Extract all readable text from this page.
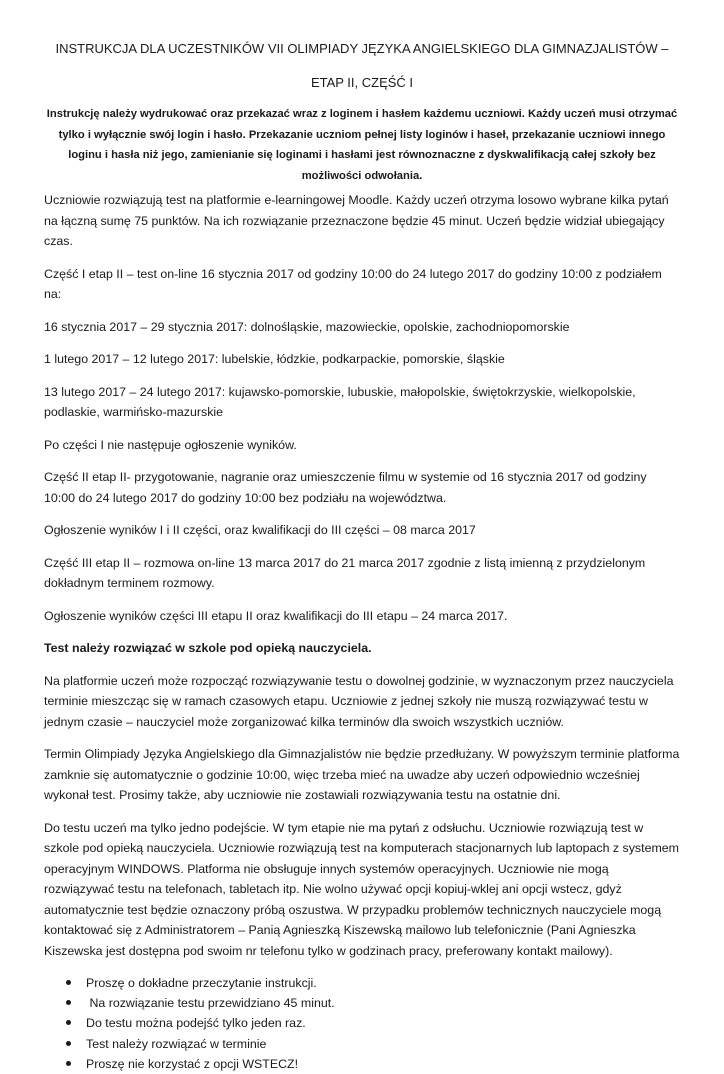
INSTRUKCJA DLA UCZESTNIKÓW VII OLIMPIADY JĘZYKA ANGIELSKIEGO DLA GIMNAZJALISTÓW –
ETAP II, CZĘŚĆ I

Instrukcję należy wydrukować oraz przekazać wraz z loginem i hasłem każdemu uczniowi. Każdy uczeń musi otrzymać tylko i wyłącznie swój login i hasło. Przekazanie uczniom pełnej listy loginów i haseł, przekazanie uczniowi innego loginu i hasła niż jego, zamienianie się loginami i hasłami jest równoznaczne z dyskwalifikacją całej szkoły bez możliwości odwołania.

Uczniowie rozwiązują test na platformie e-learningowej Moodle. Każdy uczeń otrzyma losowo wybrane kilka pytań na łączną sumę 75 punktów. Na ich rozwiązanie przeznaczone będzie 45 minut. Uczeń będzie widział ubiegający czas.

Część I etap II – test on-line 16 stycznia 2017 od godziny 10:00 do 24 lutego 2017 do godziny 10:00 z podziałem na:

16 stycznia 2017 – 29 stycznia 2017: dolnośląskie, mazowieckie, opolskie, zachodniopomorskie

1 lutego 2017 – 12 lutego 2017: lubelskie, łódzkie, podkarpackie, pomorskie, śląskie

13 lutego 2017 – 24 lutego 2017: kujawsko-pomorskie, lubuskie, małopolskie, świętokrzyskie, wielkopolskie, podlaskie, warmińsko-mazurskie

Po części I nie następuje ogłoszenie wyników.

Część II etap II- przygotowanie, nagranie oraz umieszczenie filmu w systemie od 16 stycznia 2017 od godziny 10:00 do 24 lutego 2017 do godziny 10:00 bez podziału na województwa.

Ogłoszenie wyników I i II części, oraz kwalifikacji do III części – 08 marca 2017

Część III etap II – rozmowa on-line 13 marca 2017 do 21 marca 2017 zgodnie z listą imienną z przydzielonym dokładnym terminem rozmowy.

Ogłoszenie wyników części III etapu II oraz kwalifikacji do III etapu – 24 marca 2017.

Test należy rozwiązać w szkole pod opieką nauczyciela.

Na platformie uczeń może rozpocząć rozwiązywanie testu o dowolnej godzinie, w wyznaczonym przez nauczyciela terminie mieszcząc się w ramach czasowych etapu. Uczniowie z jednej szkoły nie muszą rozwiązywać testu w jednym czasie – nauczyciel może zorganizować kilka terminów dla swoich wszystkich uczniów.

Termin Olimpiady Języka Angielskiego dla Gimnazjalistów nie będzie przedłużany. W powyższym terminie platforma zamknie się automatycznie o godzinie 10:00, więc trzeba mieć na uwadze aby uczeń odpowiednio wcześniej wykonał test. Prosimy także, aby uczniowie nie zostawiali rozwiązywania testu na ostatnie dni.

Do testu uczeń ma tylko jedno podejście. W tym etapie nie ma pytań z odsłuchu. Uczniowie rozwiązują test w szkole pod opieką nauczyciela. Uczniowie rozwiązują test na komputerach stacjonarnych lub laptopach z systemem operacyjnym WINDOWS. Platforma nie obsługuje innych systemów operacyjnych. Uczniowie nie mogą rozwiązywać testu na telefonach, tabletach itp. Nie wolno używać opcji kopiuj-wklej ani opcji wstecz, gdyż automatycznie test będzie oznaczony próbą oszustwa. W przypadku problemów technicznych nauczyciele mogą kontaktować się z Administratorem – Panią Agnieszką Kiszewską mailowo lub telefonicznie (Pani Agnieszka Kiszewska jest dostępna pod swoim nr telefonu tylko w godzinach pracy, preferowany kontakt mailowy).

Proszę o dokładne przeczytanie instrukcji.
Na rozwiązanie testu przewidziano 45 minut.
Do testu można podejść tylko jeden raz.
Test należy rozwiązać w terminie
Proszę nie korzystać z opcji WSTECZ!
